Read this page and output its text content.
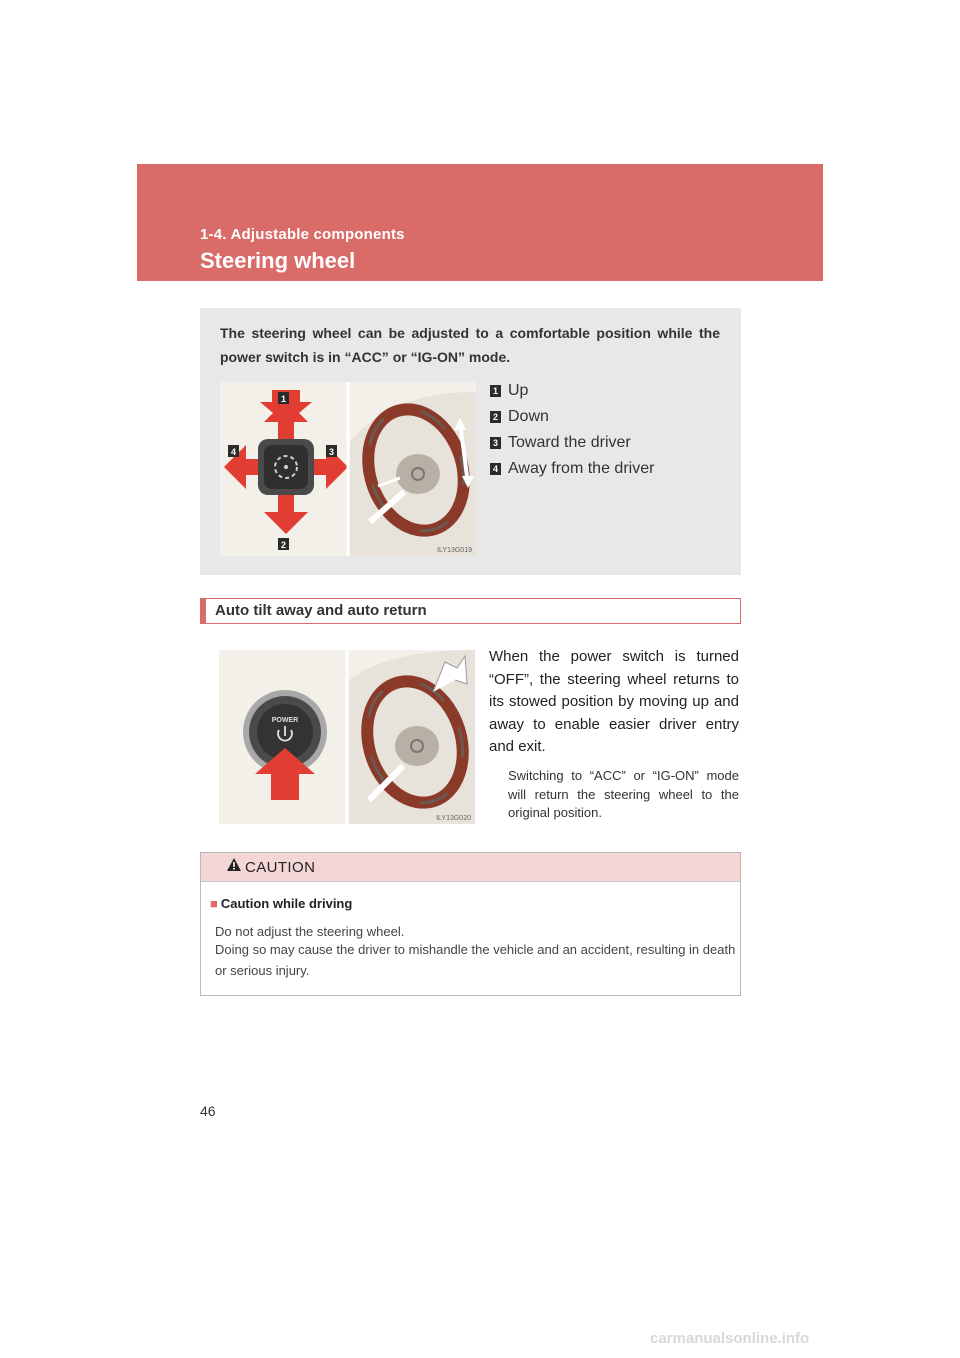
1-4. Adjustable components
Steering wheel
The steering wheel can be adjusted to a comfortable position while the power switch is in “ACC” or “IG-ON” mode.
1
2
3
4
ILY13G019
1 Up
2 Down
3 Toward the driver
4 Away from the driver
Auto tilt away and auto return
POWER
ILY13G020
When the power switch is turned “OFF”, the steering wheel returns to its stowed position by moving up and away to enable easier driver entry and exit.
Switching to “ACC” or “IG-ON” mode will return the steering wheel to the original position.
CAUTION
■ Caution while driving
Do not adjust the steering wheel.
Doing so may cause the driver to mishandle the vehicle and an accident, resulting in death or serious injury.
46
carmanualsonline.info
